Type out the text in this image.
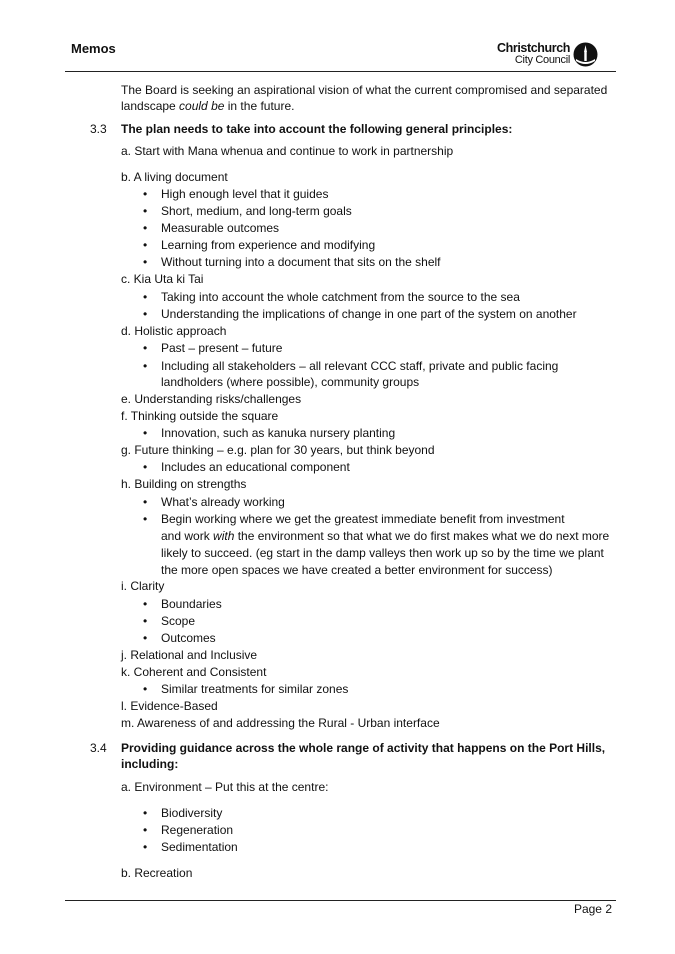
Memos	Christchurch
City Council
The Board is seeking an aspirational vision of what the current compromised and separated
landscape could be in the future.
3.3 The plan needs to take into account the following general principles:
a. Start with Mana whenua and continue to work in partnership
b. A living document
• High enough level that it guides
• Short, medium, and long-term goals
• Measurable outcomes
• Learning from experience and modifying
• Without turning into a document that sits on the shelf
c. Kia Uta ki Tai
• Taking into account the whole catchment from the source to the sea
• Understanding the implications of change in one part of the system on another
d. Holistic approach
• Past – present – future
• Including all stakeholders – all relevant CCC staff, private and public facing
landholders (where possible), community groups
e. Understanding risks/challenges
f. Thinking outside the square
• Innovation, such as kanuka nursery planting
g. Future thinking – e.g. plan for 30 years, but think beyond
• Includes an educational component
h. Building on strengths
• What’s already working
• Begin working where we get the greatest immediate benefit from investment
and work with the environment so that what we do first makes what we do next more
likely to succeed. (eg start in the damp valleys then work up so by the time we plant
the more open spaces we have created a better environment for success)
i. Clarity
• Boundaries
• Scope
• Outcomes
j. Relational and Inclusive
k. Coherent and Consistent
• Similar treatments for similar zones
l. Evidence-Based
m. Awareness of and addressing the Rural - Urban interface
3.4 Providing guidance across the whole range of activity that happens on the Port Hills,
including:
a. Environment – Put this at the centre:
• Biodiversity
• Regeneration
• Sedimentation
b. Recreation
Page 2
